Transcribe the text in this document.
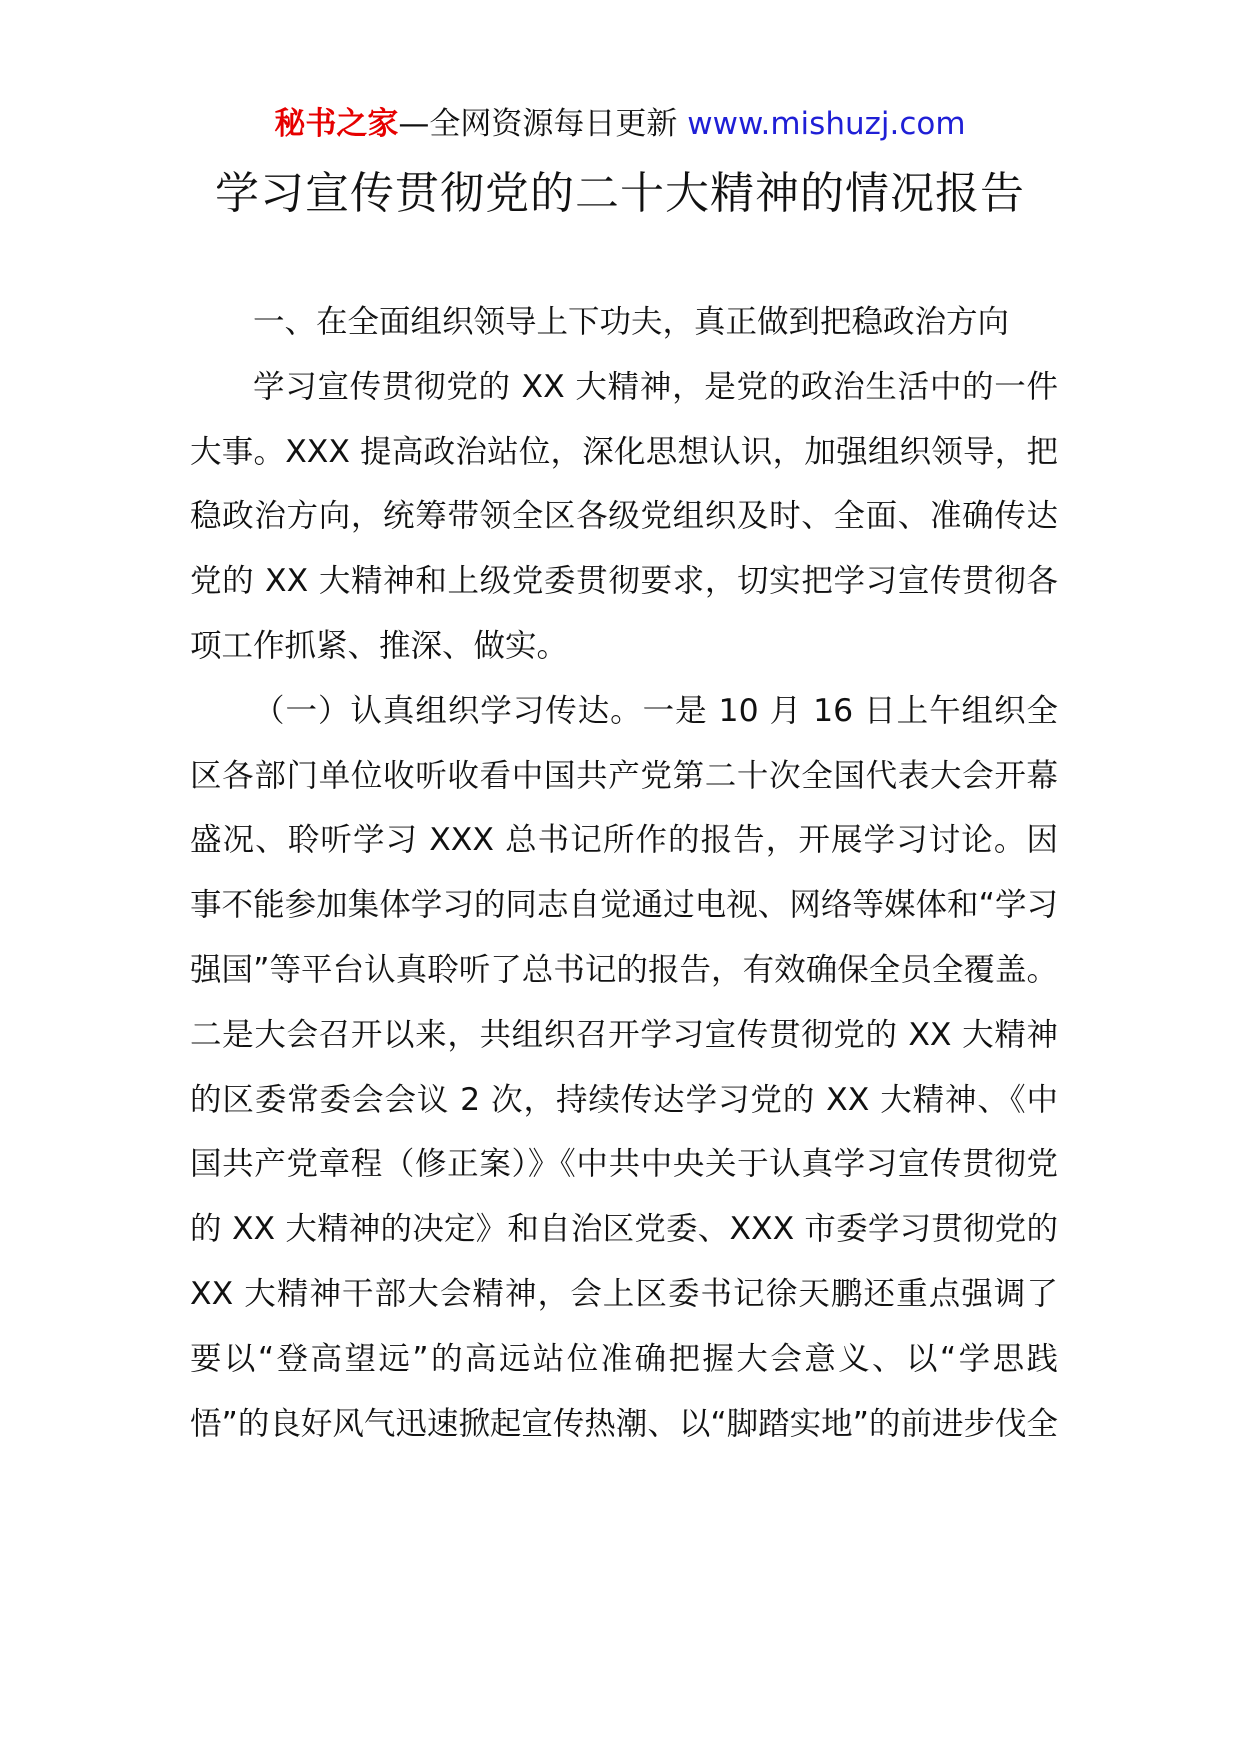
秘书之家—全网资源每日更新 www.mishuzj.com
学习宣传贯彻党的二十大精神的情况报告

一、在全面组织领导上下功夫，真正做到把稳政治方向

学习宣传贯彻党的 XX 大精神，是党的政治生活中的一件大事。XXX 提高政治站位，深化思想认识，加强组织领导，把稳政治方向，统筹带领全区各级党组织及时、全面、准确传达党的 XX 大精神和上级党委贯彻要求，切实把学习宣传贯彻各项工作抓紧、推深、做实。

（一）认真组织学习传达。一是 10 月 16 日上午组织全区各部门单位收听收看中国共产党第二十次全国代表大会开幕盛况、聆听学习 XXX 总书记所作的报告，开展学习讨论。因事不能参加集体学习的同志自觉通过电视、网络等媒体和“学习强国”等平台认真聆听了总书记的报告，有效确保全员全覆盖。二是大会召开以来，共组织召开学习宣传贯彻党的 XX 大精神的区委常委会会议 2 次，持续传达学习党的 XX 大精神、《中国共产党章程（修正案）》《中共中央关于认真学习宣传贯彻党的 XX 大精神的决定》和自治区党委、XXX 市委学习贯彻党的 XX 大精神干部大会精神，会上区委书记徐天鹏还重点强调了要以“登高望远”的高远站位准确把握大会意义、以“学思践悟”的良好风气迅速掀起宣传热潮、以“脚踏实地”的前进步伐全
